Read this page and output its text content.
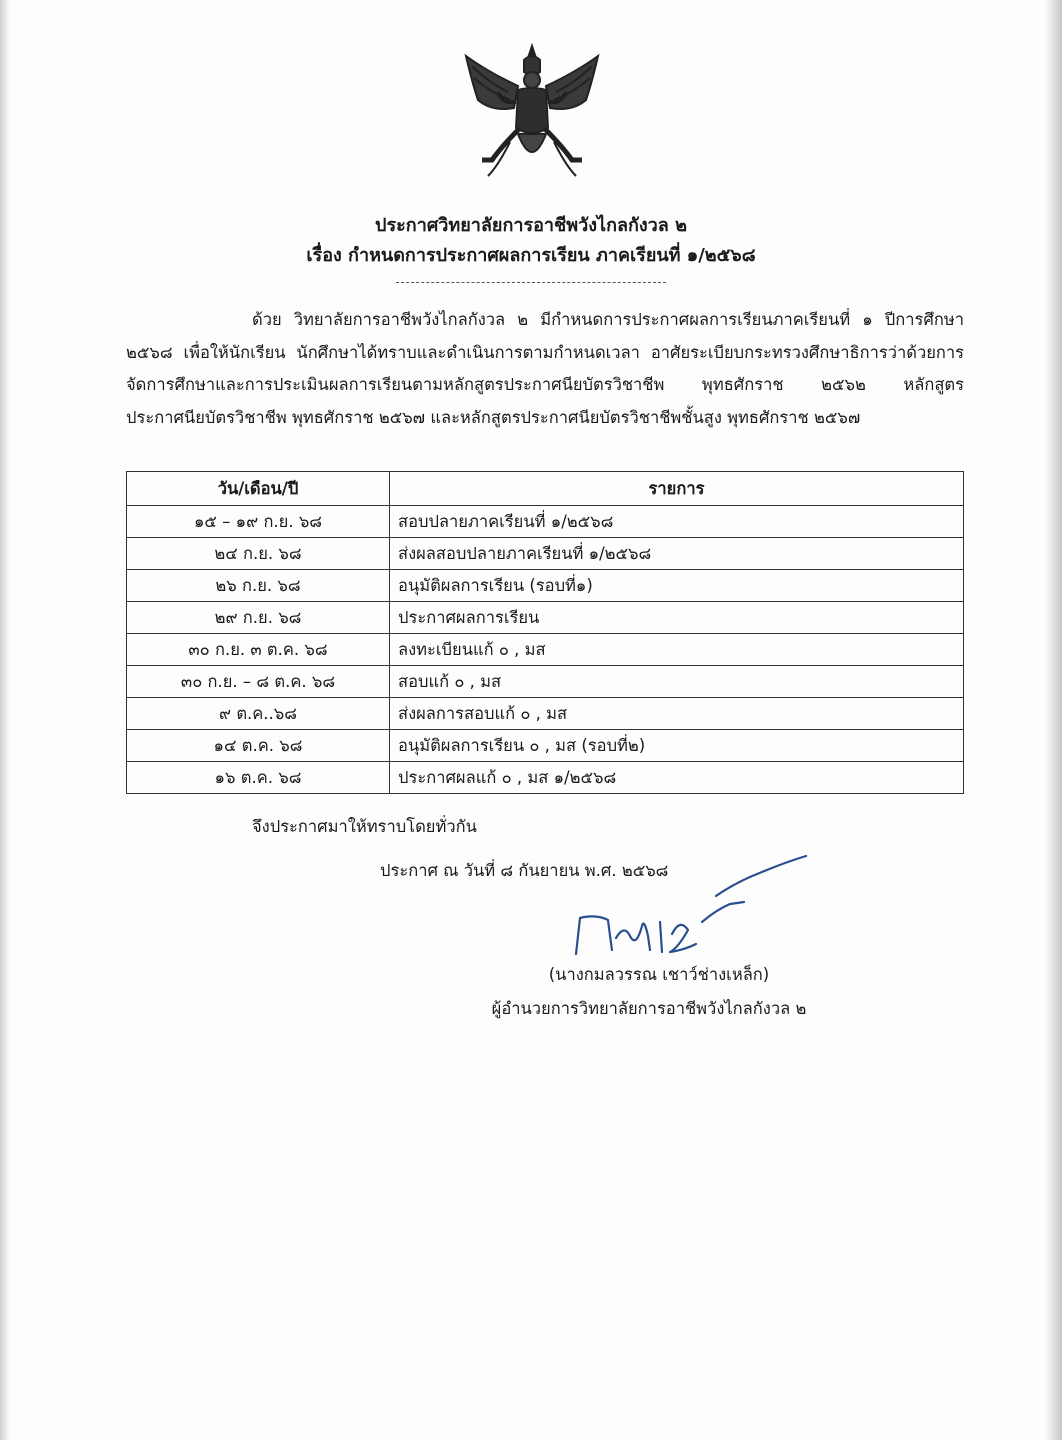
ประกาศวิทยาลัยการอาชีพวังไกลกังวล ๒
เรื่อง กำหนดการประกาศผลการเรียน ภาคเรียนที่ ๑/๒๕๖๘
ด้วย วิทยาลัยการอาชีพวังไกลกังวล ๒ มีกำหนดการประกาศผลการเรียนภาคเรียนที่ ๑ ปีการศึกษา ๒๕๖๘ เพื่อให้นักเรียน นักศึกษาได้ทราบและดำเนินการตามกำหนดเวลา อาศัยระเบียบกระทรวงศึกษาธิการว่าด้วยการจัดการศึกษาและการประเมินผลการเรียนตามหลักสูตรประกาศนียบัตรวิชาชีพ พุทธศักราช ๒๕๖๒ หลักสูตรประกาศนียบัตรวิชาชีพ พุทธศักราช ๒๕๖๗ และหลักสูตรประกาศนียบัตรวิชาชีพชั้นสูง พุทธศักราช ๒๕๖๗
วัน/เดือน/ปี	รายการ
๑๕ – ๑๙ ก.ย. ๖๘	สอบปลายภาคเรียนที่ ๑/๒๕๖๘
๒๔ ก.ย. ๖๘	ส่งผลสอบปลายภาคเรียนที่ ๑/๒๕๖๘
๒๖ ก.ย. ๖๘	อนุมัติผลการเรียน (รอบที่๑)
๒๙ ก.ย. ๖๘	ประกาศผลการเรียน
๓๐ ก.ย. ๓ ต.ค. ๖๘	ลงทะเบียนแก้ ๐ , มส
๓๐ ก.ย. – ๘ ต.ค. ๖๘	สอบแก้ ๐ , มส
๙ ต.ค..๖๘	ส่งผลการสอบแก้ ๐ , มส
๑๔ ต.ค. ๖๘	อนุมัติผลการเรียน ๐ , มส (รอบที่๒)
๑๖ ต.ค. ๖๘	ประกาศผลแก้ ๐ , มส ๑/๒๕๖๘
จึงประกาศมาให้ทราบโดยทั่วกัน
ประกาศ ณ วันที่ ๘ กันยายน พ.ศ. ๒๕๖๘
(นางกมลวรรณ เชาว์ช่างเหล็ก)
ผู้อำนวยการวิทยาลัยการอาชีพวังไกลกังวล ๒
